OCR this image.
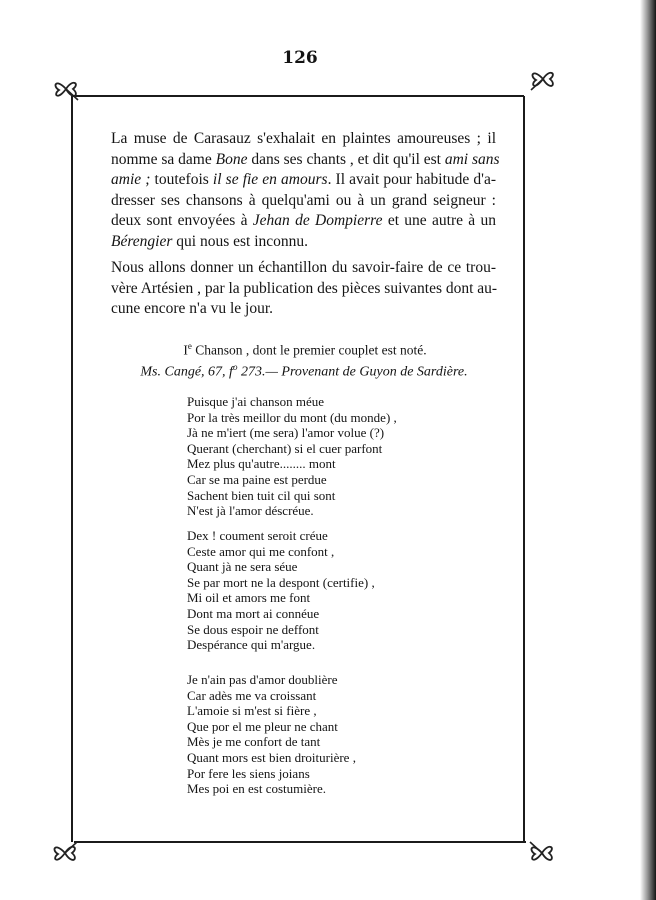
126
La muse de Carasauz s'exhalait en plaintes amoureuses ; il
nomme sa dame Bone dans ses chants , et dit qu'il est ami sans
amie ; toutefois il se fie en amours. Il avait pour habitude d'a-
dresser ses chansons à quelqu'ami ou à un grand seigneur :
deux sont envoyées à Jehan de Dompierre et une autre à un
Bérengier qui nous est inconnu.
Nous allons donner un échantillon du savoir-faire de ce trou-
vère Artésien , par la publication des pièces suivantes dont au-
cune encore n'a vu le jour.
Ie Chanson , dont le premier couplet est noté.
Ms. Cangé, 67, $f^o$ 273.— Provenant de Guyon de Sardière.
Puisque j'ai chanson méue
Por la très meillor du mont (du monde) ,
Jà ne m'iert (me sera) l'amor volue (?)
Querant (cherchant) si el cuer parfont
Mez plus qu'autre........ mont
Car se ma paine est perdue
Sachent bien tuit cil qui sont
N'est jà l'amor déscréue.
Dex ! coument seroit créue
Ceste amor qui me confont ,
Quant jà ne sera séue
Se par mort ne la despont (certifie) ,
Mi oil et amors me font
Dont ma mort ai connéue
Se dous espoir ne deffont
Despérance qui m'argue.
Je n'ain pas d'amor doublière
Car adès me va croissant
L'amoie si m'est si fière ,
Que por el me pleur ne chant
Mès je me confort de tant
Quant mors est bien droiturière ,
Por fere les siens joians
Mes poi en est costumière.
